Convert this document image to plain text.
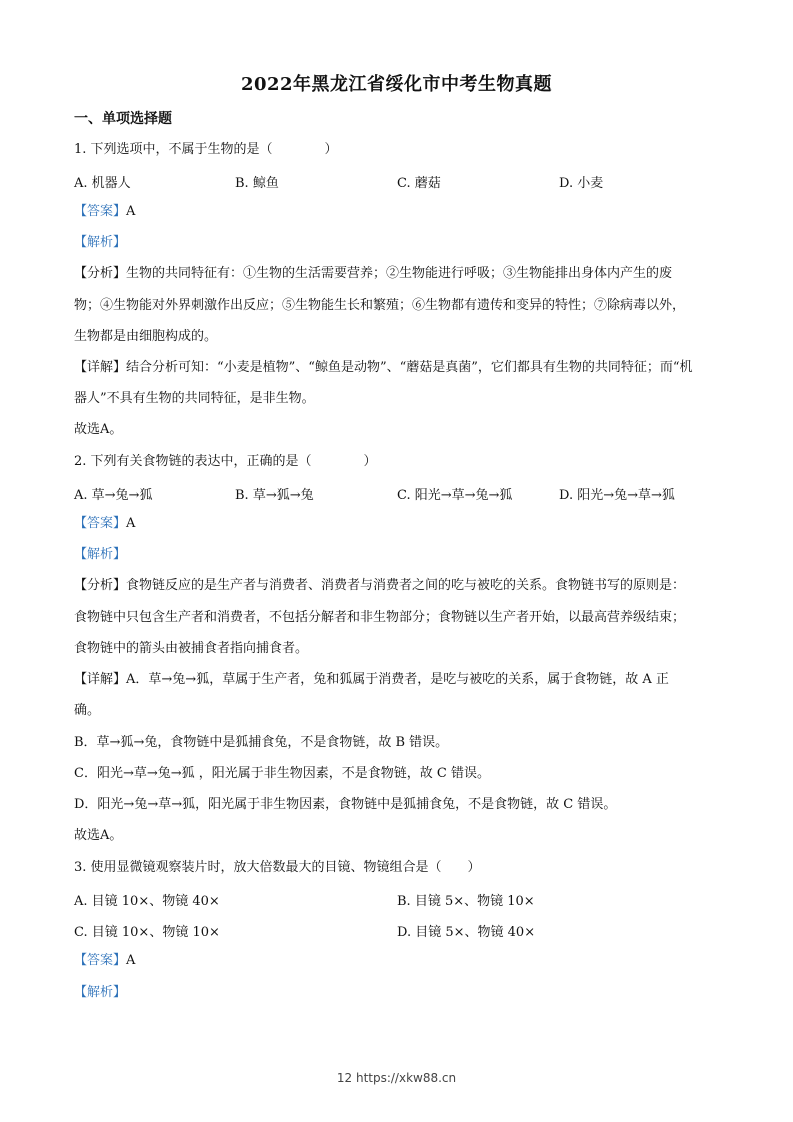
2022年黑龙江省绥化市中考生物真题
一、单项选择题
1. 下列选项中，不属于生物的是（　　　　）
A. 机器人	B. 鲸鱼	C. 蘑菇	D. 小麦
【答案】A
【解析】
【分析】生物的共同特征有：①生物的生活需要营养；②生物能进行呼吸；③生物能排出身体内产生的废
物；④生物能对外界刺激作出反应；⑤生物能生长和繁殖；⑥生物都有遗传和变异的特性；⑦除病毒以外，
生物都是由细胞构成的。
【详解】结合分析可知：“小麦是植物”、“鲸鱼是动物”、“蘑菇是真菌”，它们都具有生物的共同特征；而“机
器人”不具有生物的共同特征，是非生物。
故选A。
2. 下列有关食物链的表达中，正确的是（　　　　）
A. 草→兔→狐	B. 草→狐→兔	C. 阳光→草→兔→狐	D. 阳光→兔→草→狐
【答案】A
【解析】
【分析】食物链反应的是生产者与消费者、消费者与消费者之间的吃与被吃的关系。食物链书写的原则是：
食物链中只包含生产者和消费者，不包括分解者和非生物部分；食物链以生产者开始，以最高营养级结束；
食物链中的箭头由被捕食者指向捕食者。
【详解】A．草→兔→狐，草属于生产者，兔和狐属于消费者，是吃与被吃的关系，属于食物链，故 A 正
确。
B．草→狐→兔，食物链中是狐捕食兔，不是食物链，故 B 错误。
C．阳光→草→兔→狐 ，阳光属于非生物因素，不是食物链，故 C 错误。
D．阳光→兔→草→狐，阳光属于非生物因素，食物链中是狐捕食兔，不是食物链，故 C 错误。
故选A。
3. 使用显微镜观察装片时，放大倍数最大的目镜、物镜组合是（　　）
A. 目镜 10×、物镜 40×	B. 目镜 5×、物镜 10×
C. 目镜 10×、物镜 10×	D. 目镜 5×、物镜 40×
【答案】A
【解析】
12 https://xkw88.cn
